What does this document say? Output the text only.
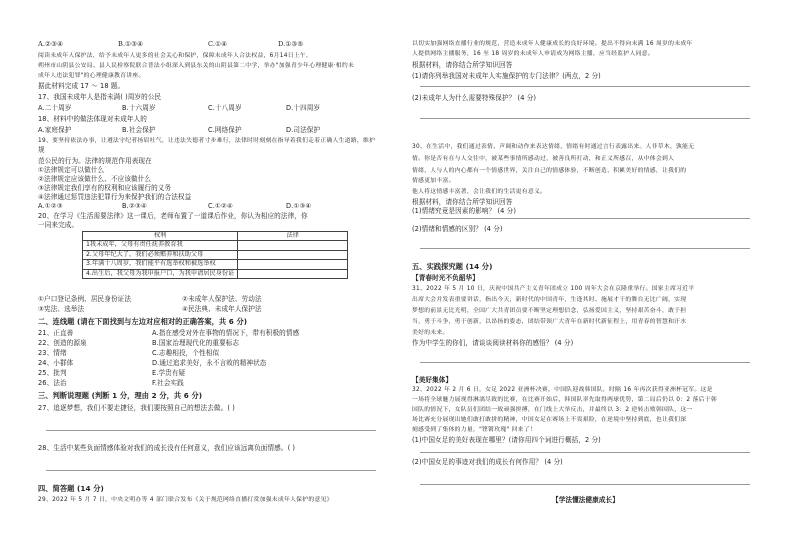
A.②③④	B.①③④	C.①④	D.①③⑤
阅读未成年人保护法，给予未成年人更多的社会关心和保护，保障未成年人合法权益，6月14日上午，
朔州市山阴县公安局、县人民检察院联合普法小组深入到县东关的山阴县第二中学，举办"加强青少年心理健康·相约未
成年人违法犯罪"的心理健康教育讲座。
据此材料完成 17 ～ 18 题。
17、我国未成年人是指未满( )周岁的公民
A.二十周岁	B.十六周岁	C.十八周岁	D.十四周岁
18、材料中的做法体现对未成年人的
A.家庭保护	B.社会保护	C.网络保护	D.司法保护
19、要坚持依法办事，让遵法守纪者扬眉吐气，让违法失德者寸步难行，法律时时刻刻在指导着我们走着正确人生道路，维护
规
范公民的行为。法律的规范作用表现在
①法律规定可以做什么
②法律规定应该做什么、不应该做什么
③法律规定我们享有的权利和应该履行的义务
④法律通过惩罚违法犯罪行为来保护我们的合法权益
A.①②③	B.②③④	C.①②④	D.①③④
20、在学习《生活需要法律》这一课后，老师布置了一道课后作业，你认为相应的法律，你
一同来完成。
权利	法律
1我未成年，父母有责任抚养教育我	
2.父母年纪大了，我们必须赡养和扶助父母	
3.年满十八周岁，我们能平有选举权和被选举权	
4.出生后，我父母为我申报户口，为我申请居民身份证	
①户口登记条例、居民身份证法	②未成年人保护法、劳动法
③宪法、选举法	④民法典、未成年人保护法
二、连线题 (请在下面找到与左边对应相对的正确答案，共 6 分)
21、正直善	A.指在感受对外在事物的情况下，带有积极的情感
22、创造的源泉	B.国家治理现代化的重要标志
23、情绪	C.志趣相投，个性相似
24、小群体	D.通过追求美好，永不言败的精神状态
25、批判	E.学贵有疑
26、法治	F.社会实践
三、判断说理题 (判断 1 分，理由 2 分，共 6 分)
27、追逐梦想，我们不要走捷径，我们要按照自己的想法去做。( )
28、生活中某些负面情感体验对我们的成长没有任何意义，我们应该远离负面情感。( )
四、简答题 (14 分)
29、2022 年 5 月 7 日，中央文明办等 4 部门联合发布《关于规范网络直播打赏加强未成年人保护的意见》
以切实加强网络直播行业的规范，营造未成年人健康成长的良好环境。提出不得向未满 16 周岁的未成年
人提供网络主播服务，16 至 18 周岁的未成年人申请成为网络主播，应当经监护人同意。
根据材料，请你结合所学知识回答
(1)请你列举我国对未成年人实施保护的专门法律？(两点，2 分)
(2)未成年人为什么需要特殊保护？ (4 分)
30、在生活中，我们通过表情、声调和动作来表达情绪，情绪有时通过言行表露出来。人非草木，孰能无
情。你是否有在与人交往中，被某些事情所感动过，被善良所打动，和正义所感召，从中体会到人
情绪，人与人的内心都有一个情感世界，关注自己的情感体验，不断创造、积累美好的情感，让我们的
情感更加丰富。
他人将这情感丰富著，会让我们的生活更有意义。
根据材料，请你结合所学知识回答
(1)情绪究竟是因素的影响？ (4 分)
(2)情绪和情感的区别？ (4 分)
五、实践探究题 (14 分)
【青春时光不负韶华】
31、2022 年 5 月 10 日，庆祝中国共产主义青年团成立 100 周年大会在京隆重举行。国家主席习近平
出席大会并发表重要讲话，指出今天，新时代的中国青年，生逢其时、施展才干的舞台无比广阔，实现
梦想的前景无比光明，全国广大共青团员要不断坚定理想信念，弘扬爱国主义，坚持艰苦奋斗，敢于担
当，勇于斗争，勇于创新，以昂扬的姿态，团结带领广大青年在新时代新征程上，用青春的智慧和汗水
美好的未来。
作为中学生的你们，请谈谈阅读材料你的感悟？ (4 分)
【美好集体】
32、2022 年 2 月 6 日，女足 2022 亚洲杯决赛，中国队迎战韩国队，时隔 16 年再次获得亚洲杯冠军。这是
一场将全球魅力展现得淋漓尽致的比赛，在比赛开始后，韩国队率先取得两球优势，第二局后仍以 0：2 落后于韩
国队的情况下，女队员们团结一致顽强拼搏，在门线上大举反击，并最终以 3：2 逆转击败韩国队，这一
场比赛充分展现出她们敢打敢拼的精神，中国女足在赛场上不畏艰险，在逆境中坚持到底，也让我们深
刻感受到了集体的力量，"铿锵玫瑰" 回来了！
(1)中国女足的美好表现在哪里？(请你用四个词进行概括，2 分)
(2)中国女足的事迹对我们的成长有何作用？ (4 分)
【学法懂法健康成长】
